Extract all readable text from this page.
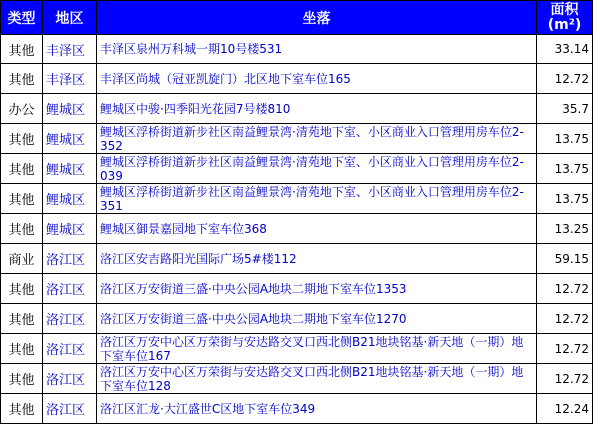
类型	地区	坐落	面积 (m²)
其他	丰泽区	丰泽区泉州万科城一期10号楼531	33.14
其他	丰泽区	丰泽区尚城（冠亚凯旋门）北区地下室车位165	12.72
办公	鲤城区	鲤城区中骏·四季阳光花园7号楼810	35.7
其他	鲤城区	鲤城区浮桥街道新步社区南益鲤景湾·清苑地下室、小区商业入口管理用房车位2-352	13.75
其他	鲤城区	鲤城区浮桥街道新步社区南益鲤景湾·清苑地下室、小区商业入口管理用房车位2-039	13.75
其他	鲤城区	鲤城区浮桥街道新步社区南益鲤景湾·清苑地下室、小区商业入口管理用房车位2-351	13.75
其他	鲤城区	鲤城区御景嘉园地下室车位368	13.25
商业	洛江区	洛江区安吉路阳光国际广场5#楼112	59.15
其他	洛江区	洛江区万安街道三盛·中央公园A地块二期地下室车位1353	12.72
其他	洛江区	洛江区万安街道三盛·中央公园A地块二期地下室车位1270	12.72
其他	洛江区	洛江区万安中心区万荣街与安达路交叉口西北侧B21地块铭基·新天地（一期）地下室车位167	12.72
其他	洛江区	洛江区万安中心区万荣街与安达路交叉口西北侧B21地块铭基·新天地（一期）地下室车位128	12.72
其他	洛江区	洛江区汇龙·大江盛世C区地下室车位349	12.24
